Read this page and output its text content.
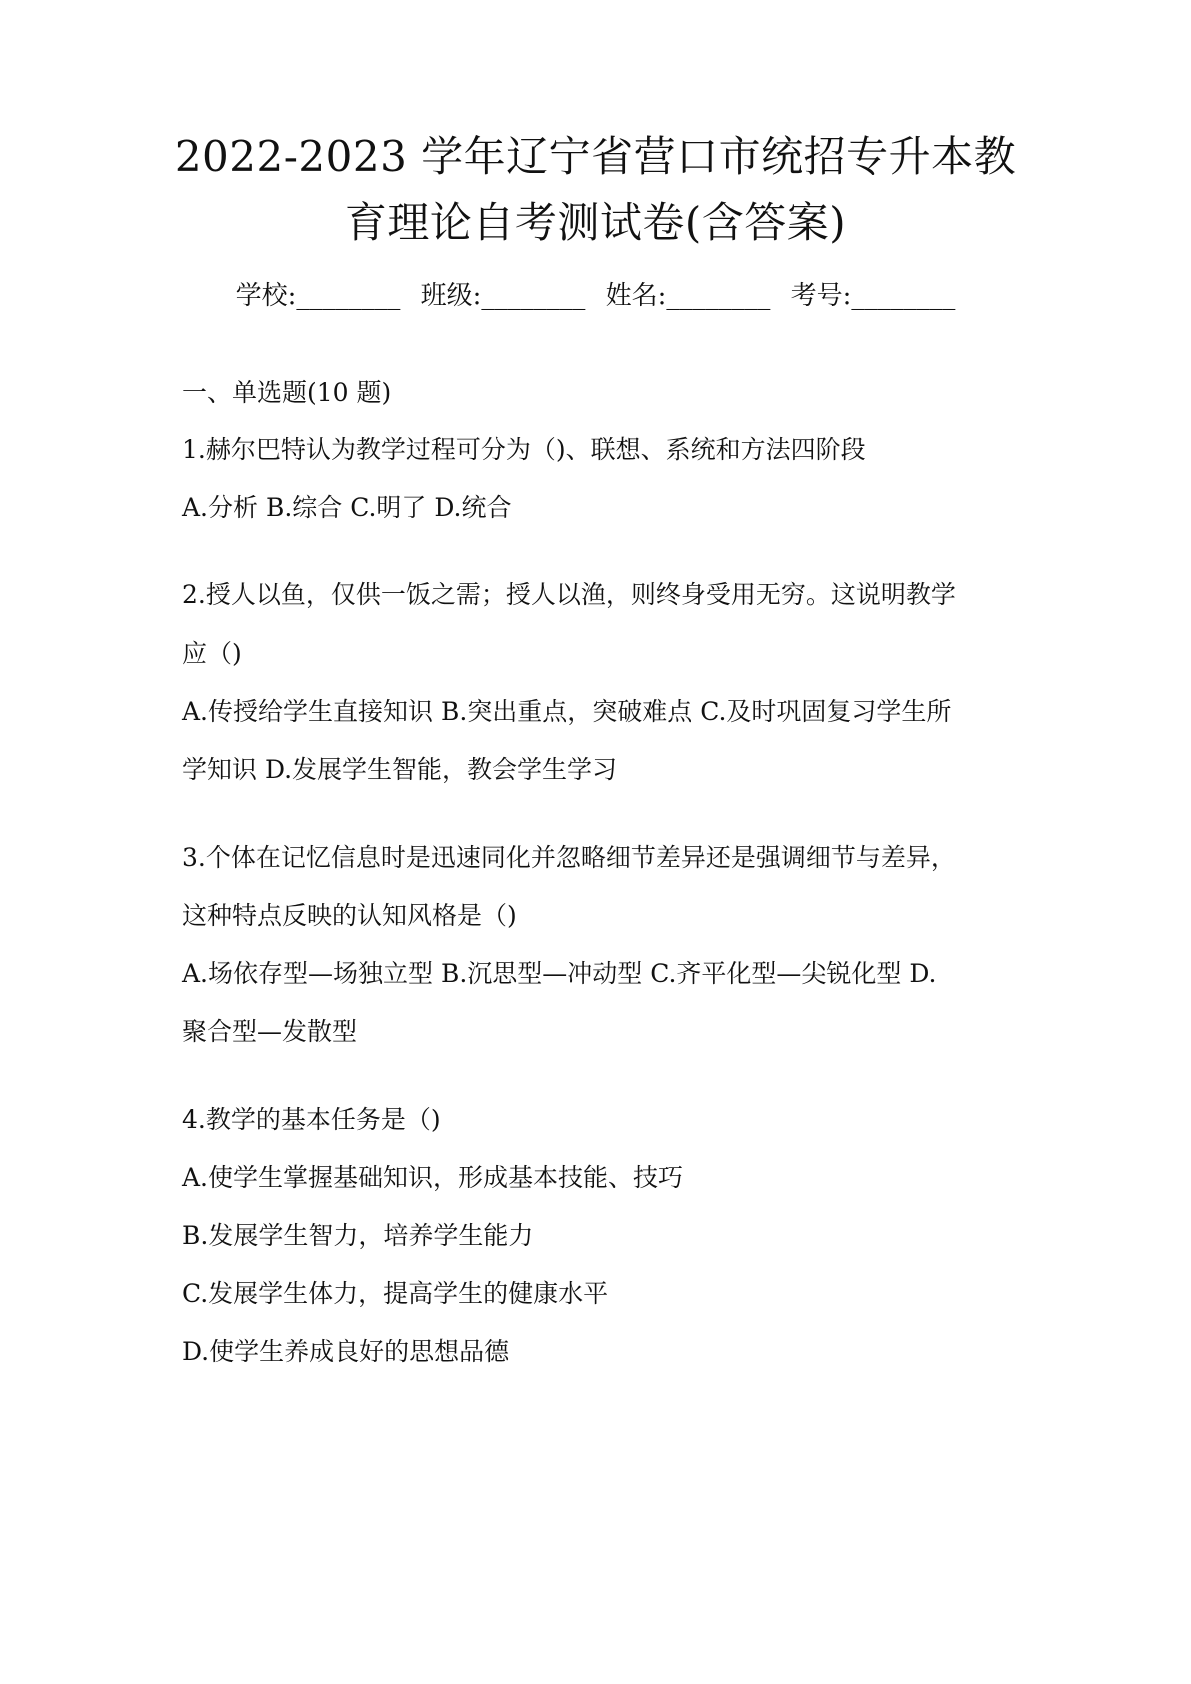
2022-2023 学年辽宁省营口市统招专升本教
育理论自考测试卷(含答案)
学校:________ 班级:________ 姓名:________ 考号:________
一、单选题(10 题)
1.赫尔巴特认为教学过程可分为（)、联想、系统和方法四阶段
A.分析 B.综合 C.明了 D.统合
2.授人以鱼，仅供一饭之需；授人以渔，则终身受用无穷。这说明教学
应（)
A.传授给学生直接知识 B.突出重点，突破难点 C.及时巩固复习学生所
学知识 D.发展学生智能，教会学生学习
3.个体在记忆信息时是迅速同化并忽略细节差异还是强调细节与差异，
这种特点反映的认知风格是（)
A.场依存型—场独立型 B.沉思型—冲动型 C.齐平化型—尖锐化型 D.
聚合型—发散型
4.教学的基本任务是（)
A.使学生掌握基础知识，形成基本技能、技巧
B.发展学生智力，培养学生能力
C.发展学生体力，提高学生的健康水平
D.使学生养成良好的思想品德
